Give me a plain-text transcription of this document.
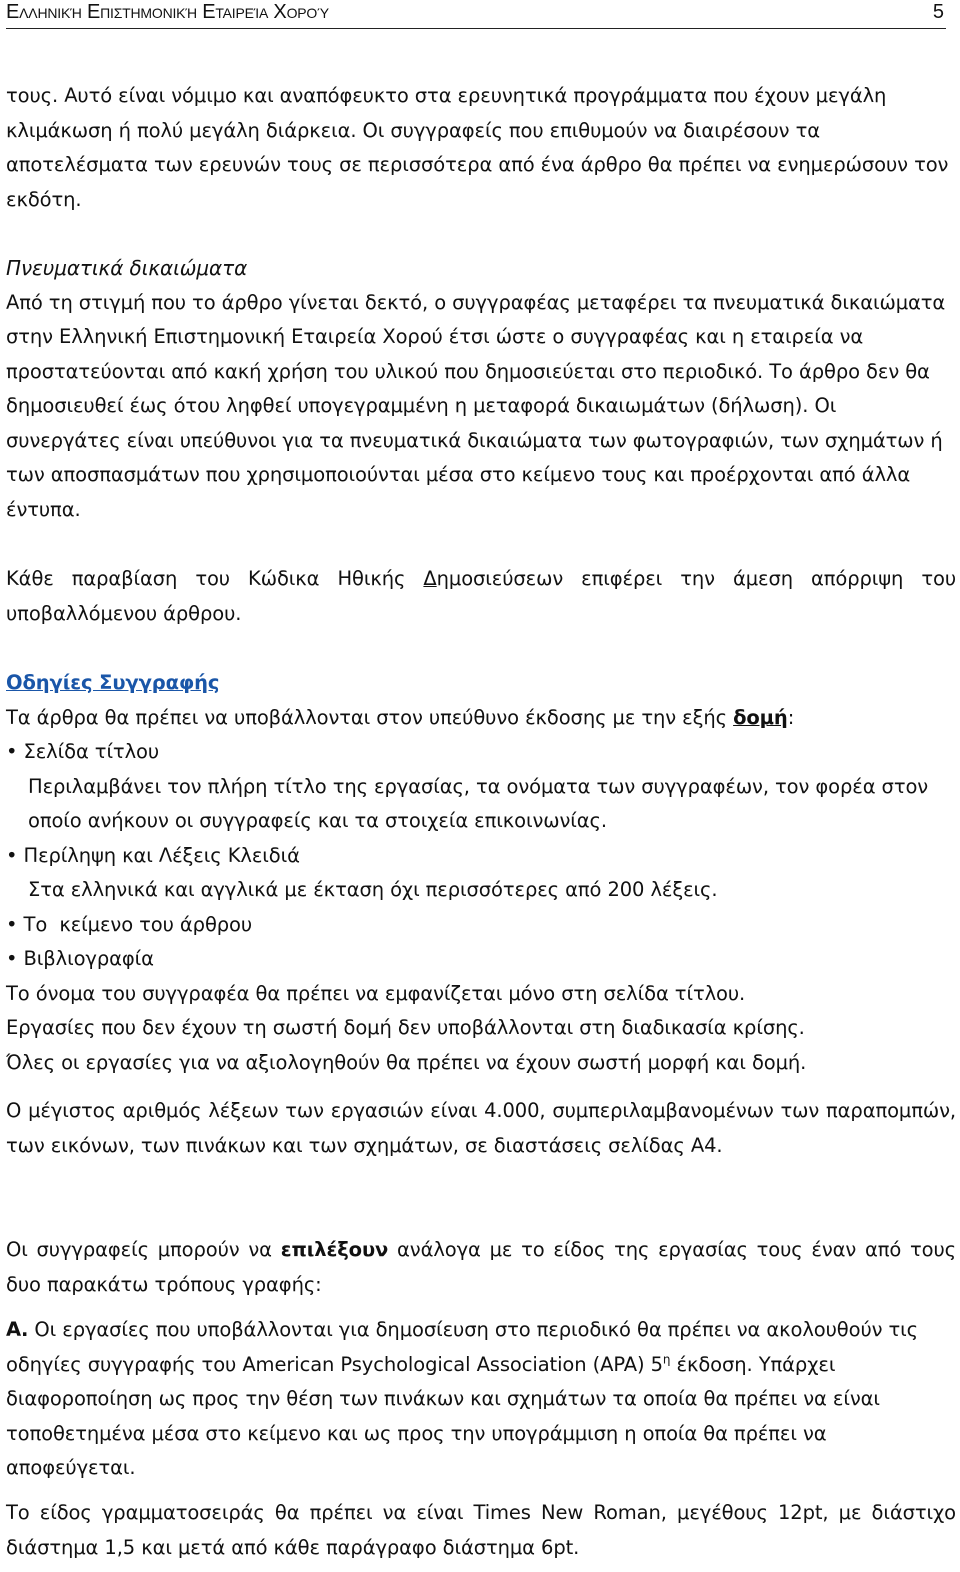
Ελληνική Επιστημονική Εταιρεία Χορού	5
τους. Αυτό είναι νόμιμο και αναπόφευκτο στα ερευνητικά προγράμματα που έχουν μεγάλη κλιμάκωση ή πολύ μεγάλη διάρκεια. Οι συγγραφείς που επιθυμούν να διαιρέσουν τα αποτελέσματα των ερευνών τους σε περισσότερα από ένα άρθρο θα πρέπει να ενημερώσουν τον εκδότη.
Πνευματικά δικαιώματα
Από τη στιγμή που το άρθρο γίνεται δεκτό, ο συγγραφέας μεταφέρει τα πνευματικά δικαιώματα στην Ελληνική Επιστημονική Εταιρεία Χορού έτσι ώστε ο συγγραφέας και η εταιρεία να προστατεύονται από κακή χρήση του υλικού που δημοσιεύεται στο περιοδικό. Το άρθρο δεν θα δημοσιευθεί έως ότου ληφθεί υπογεγραμμένη η μεταφορά δικαιωμάτων (δήλωση). Οι συνεργάτες είναι υπεύθυνοι για τα πνευματικά δικαιώματα των φωτογραφιών, των σχημάτων ή των αποσπασμάτων που χρησιμοποιούνται μέσα στο κείμενο τους και προέρχονται από άλλα έντυπα.
Κάθε παραβίαση του Κώδικα Ηθικής Δημοσιεύσεων επιφέρει την άμεση απόρριψη του υποβαλλόμενου άρθρου.
Οδηγίες Συγγραφής
Τα άρθρα θα πρέπει να υποβάλλονται στον υπεύθυνο έκδοσης με την εξής δομή:
• Σελίδα τίτλου
Περιλαμβάνει τον πλήρη τίτλο της εργασίας, τα ονόματα των συγγραφέων, τον φορέα στον οποίο ανήκουν οι συγγραφείς και τα στοιχεία επικοινωνίας.
• Περίληψη και Λέξεις Κλειδιά
Στα ελληνικά και αγγλικά με έκταση όχι περισσότερες από 200 λέξεις.
• Το  κείμενο του άρθρου
• Βιβλιογραφία
Το όνομα του συγγραφέα θα πρέπει να εμφανίζεται μόνο στη σελίδα τίτλου.
Εργασίες που δεν έχουν τη σωστή δομή δεν υποβάλλονται στη διαδικασία κρίσης.
Όλες οι εργασίες για να αξιολογηθούν θα πρέπει να έχουν σωστή μορφή και δομή.
Ο μέγιστος αριθμός λέξεων των εργασιών είναι 4.000, συμπεριλαμβανομένων των παραπομπών, των εικόνων, των πινάκων και των σχημάτων, σε διαστάσεις σελίδας Α4.
Οι συγγραφείς μπορούν να επιλέξουν ανάλογα με το είδος της εργασίας τους έναν από τους δυο παρακάτω τρόπους γραφής:
Α. Οι εργασίες που υποβάλλονται για δημοσίευση στο περιοδικό θα πρέπει να ακολουθούν τις οδηγίες συγγραφής του American Psychological Association (APA) $5^\eta$ έκδοση. Υπάρχει διαφοροποίηση ως προς την θέση των πινάκων και σχημάτων τα οποία θα πρέπει να είναι τοποθετημένα μέσα στο κείμενο και ως προς την υπογράμμιση η οποία θα πρέπει να αποφεύγεται.
Το είδος γραμματοσειράς θα πρέπει να είναι Times New Roman, μεγέθους 12pt, με διάστιχο διάστημα 1,5 και μετά από κάθε παράγραφο διάστημα 6pt.
